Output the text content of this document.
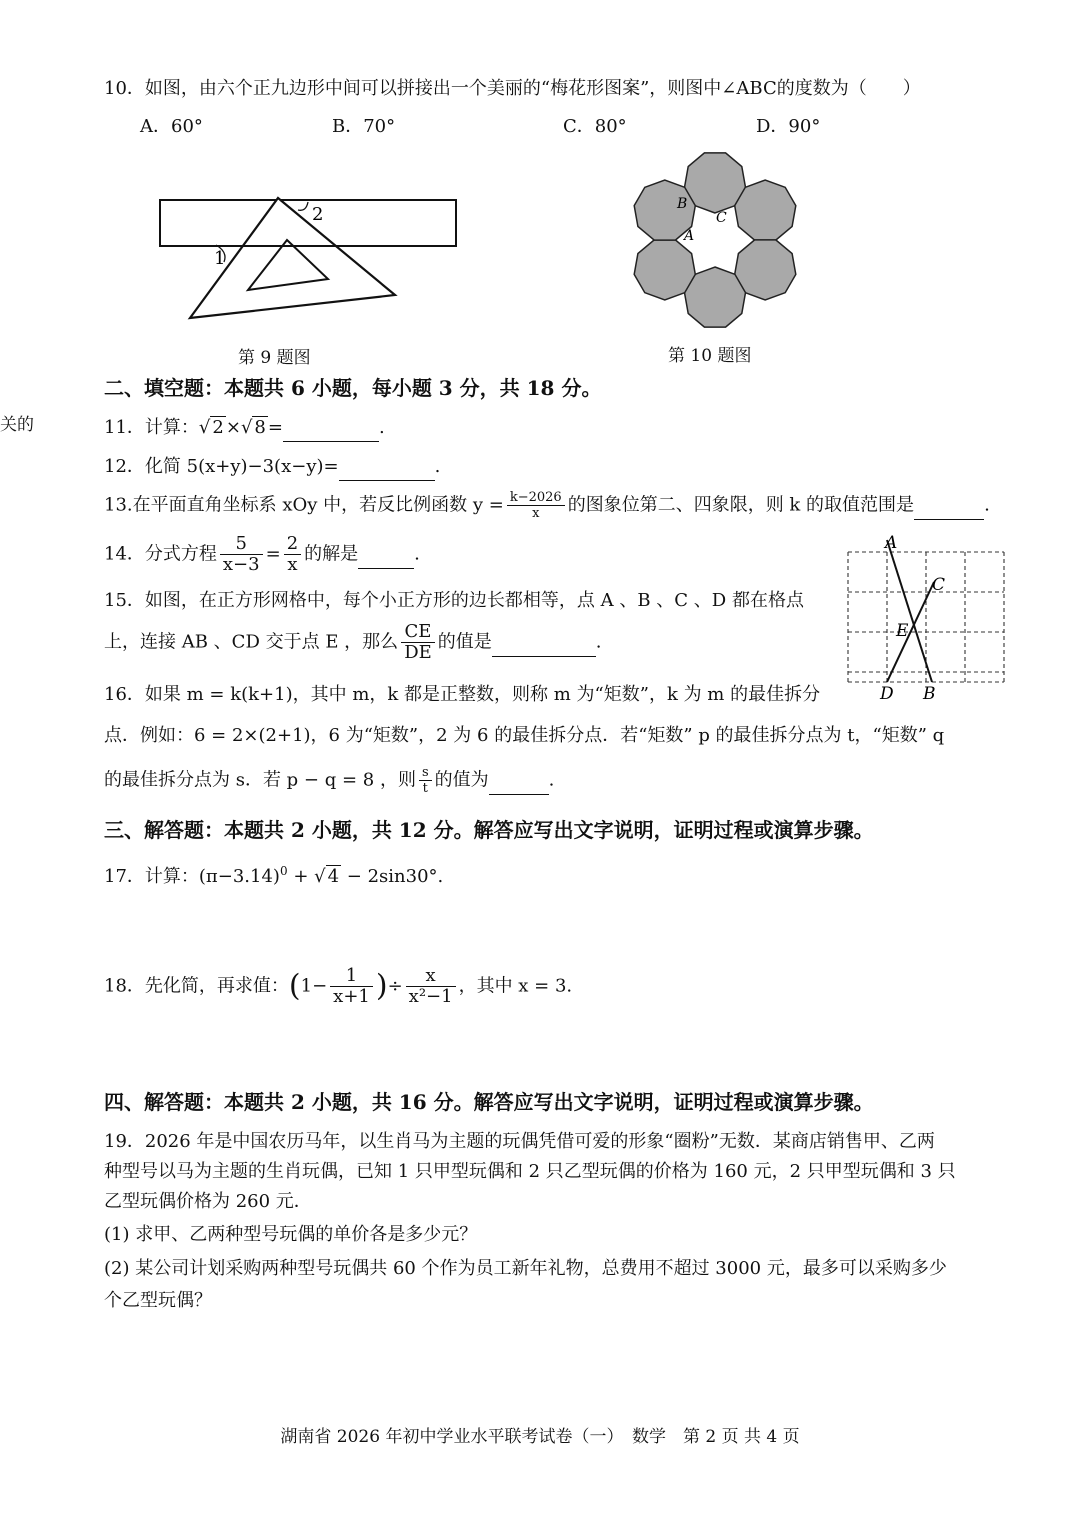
关的
10．如图，由六个正九边形中间可以拼接出一个美丽的“梅花形图案”，则图中∠ABC的度数为（　　）
A．60°	B．70°	C．80°	D．90°
1
2
第 9 题图
B
C
A
第 10 题图
二、填空题：本题共 6 小题，每小题 3 分，共 18 分。
11．计算：√ 2 ×√ 8 =	.
12．化简 5(x+y)−3(x−y)=	.
13.在平面直角坐标系 xOy 中，若反比例函数 $y = \frac{k-2026}{x}$ 的图象位第二、四象限，则 k 的取值范围是	.
14．分式方程 $\frac{5}{x-3} = \frac{2}{x}$ 的解是	.
15．如图，在正方形网格中，每个小正方形的边长都相等，点 A 、B 、C 、D 都在格点
上，连接 AB 、CD 交于点 E ，那么 $\frac{CE}{DE}$ 的值是	.
A
C
E
D B
16．如果 m = k(k+1)，其中 m，k 都是正整数，则称 m 为“矩数”，k 为 m 的最佳拆分
点．例如：6 = 2×(2+1)，6 为“矩数”，2 为 6 的最佳拆分点．若“矩数” p 的最佳拆分点为 t，“矩数” q
的最佳拆分点为 s．若 p − q = 8 ，则 $\frac{s}{t}$ 的值为	.
三、解答题：本题共 2 小题，共 12 分。解答应写出文字说明，证明过程或演算步骤。
17．计算：$(\pi-3.14)^0$ + √ 4 − 2sin30°.
18．先化简，再求值：($1- \frac{1}{x+1}$ )÷ $\frac{x}{\text{x²−1}}$ ，其中 x = 3.
四、解答题：本题共 2 小题，共 16 分。解答应写出文字说明，证明过程或演算步骤。
19．2026 年是中国农历马年，以生肖马为主题的玩偶凭借可爱的形象“圈粉”无数．某商店销售甲、乙两
种型号以马为主题的生肖玩偶，已知 1 只甲型玩偶和 2 只乙型玩偶的价格为 160 元，2 只甲型玩偶和 3 只
乙型玩偶价格为 260 元．
(1) 求甲、乙两种型号玩偶的单价各是多少元？
(2) 某公司计划采购两种型号玩偶共 60 个作为员工新年礼物，总费用不超过 3000 元，最多可以采购多少
个乙型玩偶？
湖南省 2026 年初中学业水平联考试卷（一）　数学　第 2 页 共 4 页
